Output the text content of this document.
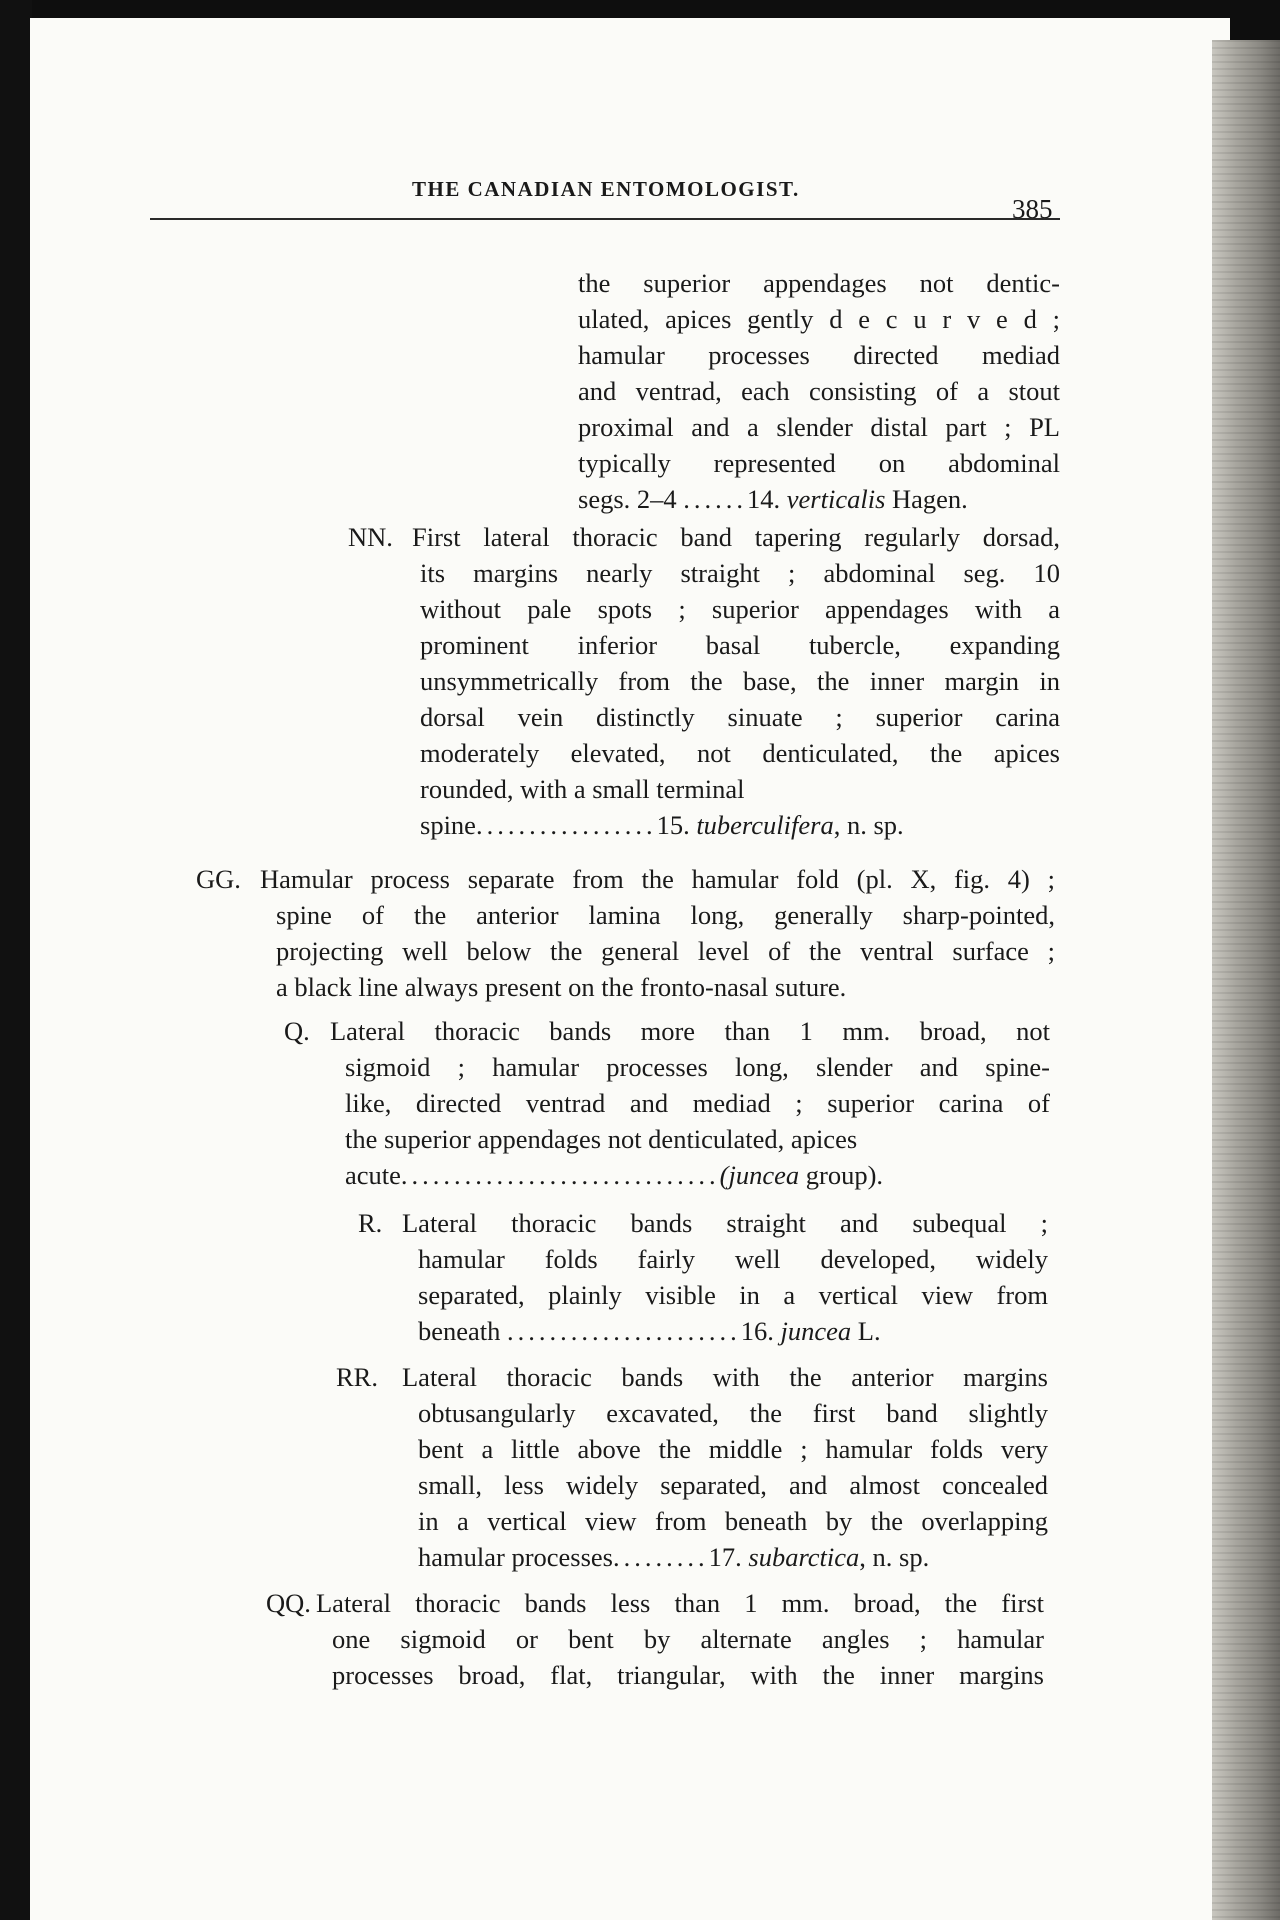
THE CANADIAN ENTOMOLOGIST.
385
the superior appendages not dentic-
ulated, apices gently d e c u r v e d ;
hamular processes directed mediad
and ventrad, each consisting of a stout
proximal and a slender distal part ; PL
typically represented on abdominal
segs. 2–4 ......14. verticalis Hagen.
NN. First lateral thoracic band tapering regularly dorsad,
its margins nearly straight ; abdominal seg. 10
without pale spots ; superior appendages with a
prominent inferior basal tubercle, expanding
unsymmetrically from the base, the inner margin in
dorsal vein distinctly sinuate ; superior carina
moderately elevated, not denticulated, the apices
rounded, with a small terminal
spine.................15. tuberculifera, n. sp.
GG. Hamular process separate from the hamular fold (pl. X, fig. 4) ;
spine of the anterior lamina long, generally sharp-pointed,
projecting well below the general level of the ventral surface ;
a black line always present on the fronto-nasal suture.
Q. Lateral thoracic bands more than 1 mm. broad, not
sigmoid ; hamular processes long, slender and spine-
like, directed ventrad and mediad ; superior carina of
the superior appendages not denticulated, apices
acute..............................(juncea group).
R. Lateral thoracic bands straight and subequal ;
hamular folds fairly well developed, widely
separated, plainly visible in a vertical view from
beneath ......................16. juncea L.
RR. Lateral thoracic bands with the anterior margins
obtusangularly excavated, the first band slightly
bent a little above the middle ; hamular folds very
small, less widely separated, and almost concealed
in a vertical view from beneath by the overlapping
hamular processes.........17. subarctica, n. sp.
QQ. Lateral thoracic bands less than 1 mm. broad, the first
one sigmoid or bent by alternate angles ; hamular
processes broad, flat, triangular, with the inner margins
